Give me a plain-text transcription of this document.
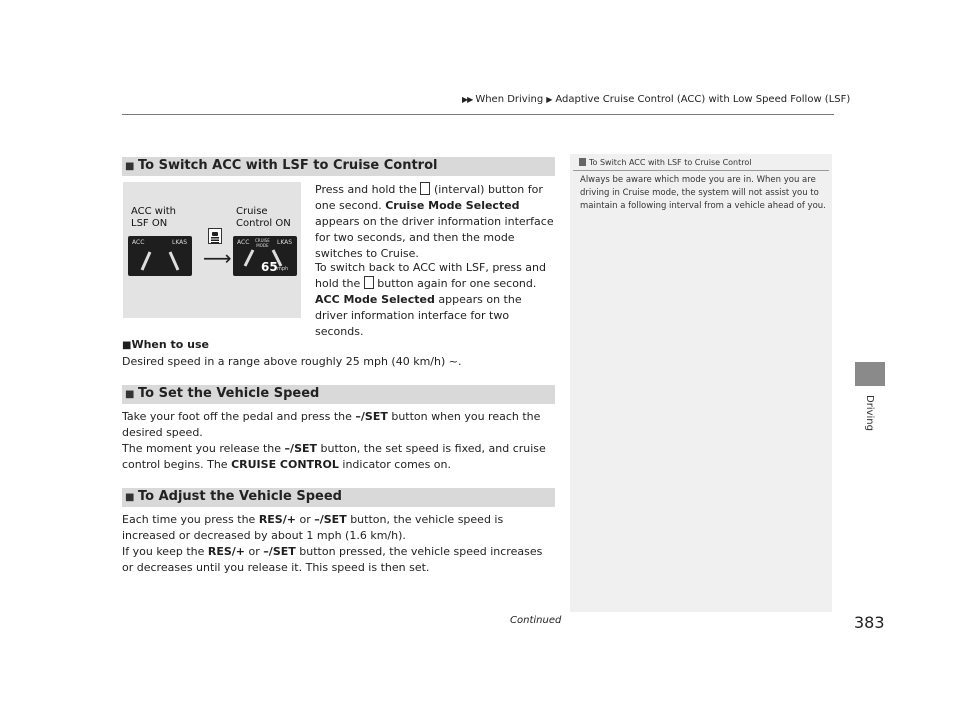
▶▶ When Driving ▶ Adaptive Cruise Control (ACC) with Low Speed Follow (LSF)
Driving
■ To Switch ACC with LSF to Cruise Control
ACC with
LSF ON
Cruise
Control ON
⟶
ACC	LKAS	ACC CRUISE
MODE LKAS
65 mph
Press and hold the (interval) button for one second. Cruise Mode Selected appears on the driver information interface for two seconds, and then the mode switches to Cruise.
To switch back to ACC with LSF, press and hold the button again for one second. ACC Mode Selected appears on the driver information interface for two seconds.
■When to use
Desired speed in a range above roughly 25 mph (40 km/h) ~.
■ To Set the Vehicle Speed
Take your foot off the pedal and press the –/SET button when you reach the desired speed.
The moment you release the –/SET button, the set speed is fixed, and cruise control begins. The CRUISE CONTROL indicator comes on.
■ To Adjust the Vehicle Speed
Each time you press the RES/+ or –/SET button, the vehicle speed is increased or decreased by about 1 mph (1.6 km/h).
If you keep the RES/+ or –/SET button pressed, the vehicle speed increases or decreases until you release it. This speed is then set.
To Switch ACC with LSF to Cruise Control
Always be aware which mode you are in. When you are driving in Cruise mode, the system will not assist you to maintain a following interval from a vehicle ahead of you.
Continued	383
